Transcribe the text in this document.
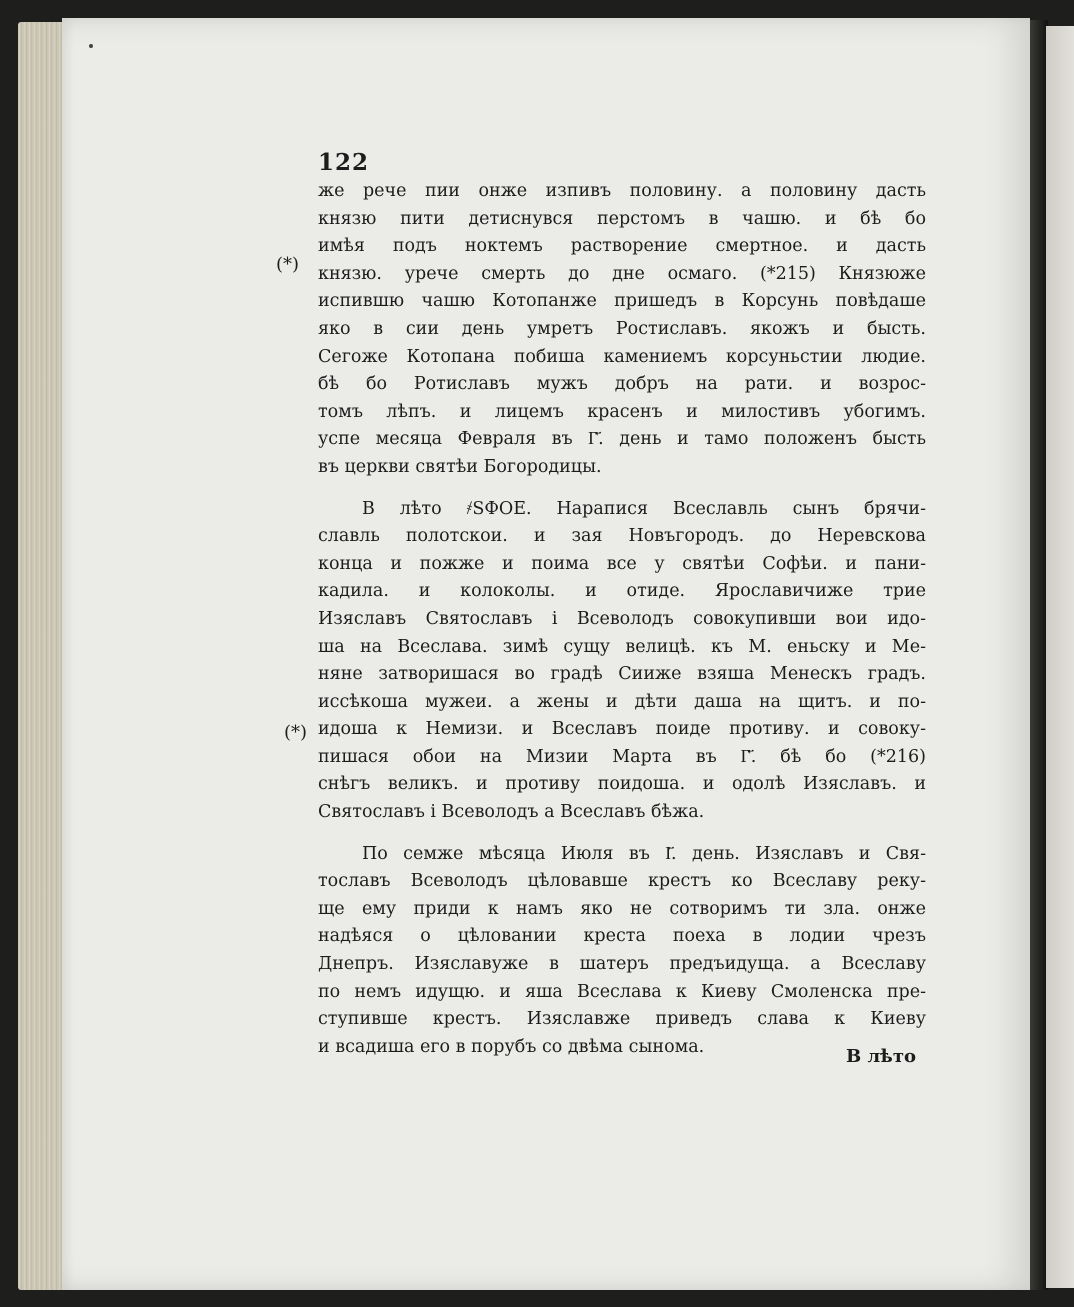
(*)
(*)
122
же рече пии онже изпивъ половину. а половину дасть
князю пити детиснувся перстомъ в чашю. и бѣ бо
имѣя подъ ноктемъ растворение смертное. и дасть
князю. урече смерть до дне осмаго. (*215) Князюже
испившю чашю Котопанже пришедъ в Корсунь повѣдаше
яко в сии день умретъ Ростиславъ. якожъ и бысть.
Сегоже Котопана побиша камениемъ корсуньстии людие.
бѣ бо Ротиславъ мужъ добръ на рати. и возрос-
томъ лѣпъ. и лицемъ красенъ и милостивъ убогимъ.
успе месяца Февраля въ Г҃. день и тамо положенъ бысть
въ церкви святѣи Богородицы.
В лѣто ҂ЅФОЕ. Нарапися Всеславль сынъ брячи-
славль полотскои. и зая Новъгородъ. до Неревскова
конца и пожже и поима все у святѣи Софѣи. и пани-
кадила. и колоколы. и отиде. Ярославичиже трие
Изяславъ Святославъ і Всеволодъ совокупивши вои идо-
ша на Всеслава. зимѣ сущу велицѣ. къ М. еньску и Ме-
няне затворишася во градѣ Сииже взяша Менескъ градъ.
иссѣкоша мужеи. а жены и дѣти даша на щитъ. и по-
идоша к Немизи. и Всеславъ поиде противу. и совоку-
пишася обои на Мизии Марта въ Г҃. бѣ бо (*216)
снѣгъ великъ. и противу поидоша. и одолѣ Изяславъ. и
Святославъ і Всеволодъ а Всеславъ бѣжа.
По семже мѣсяца Июля въ І҃. день. Изяславъ и Свя-
тославъ Всеволодъ цѣловавше крестъ ко Всеславу реку-
ще ему приди к намъ яко не сотворимъ ти зла. онже
надѣяся о цѣловании креста поеха в лодии чрезъ
Днепръ. Изяславуже в шатеръ предъидуща. а Всеславу
по немъ идущю. и яша Всеслава к Киеву Смоленска пре-
ступивше крестъ. Изяславже приведъ слава к Киеву
и всадиша его в порубъ со двѣма сынома.	В лѣто
